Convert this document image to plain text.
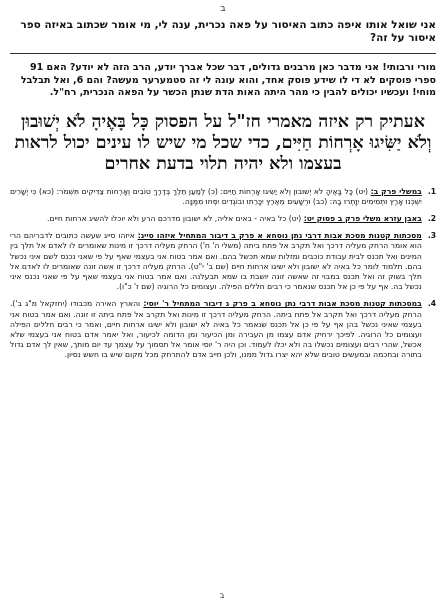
ב

אני שואל אותו איפה כתוב האיסור על פאה נכרית, ענה לי, מי אומר שכתוב באיזה ספר איסור על זה?

מורי ורבותי! אני מדבר כאן מרבנים גדולים, דבר שכל אברך יודע, הרב הזה לא יודע? האם 91 ספרי פוסקים לא די לו שידע פוסק אחד, והוא עונה לי זה סטמערער מעשה? והם 6, ואל תבלבל מוחי! ועכשיו יכולים להבין כי מהר היתה האות הדת שנתן הכשר על הפאה הנכרית, רח"ל.

אעתיק רק איזה מאמרי חז"ל על הפסוק כָּל בָּאֶיהָ לֹא יְשׁוּבוּן וְלֹא יַשִּׂיגוּ אָרְחוֹת חַיִּים, כדי שכל מי שיש לו עינים יכול לראות בעצמו ולא יהיה תלוי בדעת אחרים
1.
במשלי פרק ב: (יט) כָּל בָּאֶיהָ לֹא יְשׁוּבוּן וְלֹא יַשִּׂיגוּ אָרְחוֹת חַיִּים: (כ) לְמַעַן תֵּלֵךְ בְּדֶרֶךְ טוֹבִים וְאָרְחוֹת צַדִּיקִים תִּשְׁמֹר: (כא) כִּי יְשָׁרִים יִשְׁכְּנוּ אָרֶץ וּתְמִימִים יִוָּתְרוּ בָהּ: (כב) וּרְשָׁעִים מֵאֶרֶץ יִכָּרֵתוּ וּבוֹגְדִים יִסְּחוּ מִמֶּנָּה.
2.
באבן עזרא משלי פרק ב פסוק יט: (יט) כל באיה - באים אליה, לא ישובון מדרכם הרע ולא יוכלו להשיג ארחות חיים.
3.
מסכתות קטנות מסכת אבות דרבי נתן נוסחא א פרק ב דיבור המתחיל איזהו סייג: איזהו סייג שעשה כתובים לדבריהם הרי הוא אומר הרחק מעליה דרכך ואל תקרב אל פתח ביתה (משלי ה' ח') הרחק מעליה דרכך זו מינות שאומרים לו לאדם אל תלך בין המינים ואל תכנס לבית עבודת כוכבים ומזלות שמא תכשל בהם. ואם אמר בטוח אני בעצמי שאף על פי שאני נכנס לשם איני נכשל בהם. תלמוד לומר כל באיה לא ישובון ולא ישיגו ארחות חיים (שם ב' י"ט). הרחק מעליה דרכך זו אשה זונה שאומרים לו לאדם אל תלך בשוק זה ואל תכנס במבוי זה שאשה זונה יושבת בו שמא תבעלנה. ואם אמר בטוח אני בעצמי שאף על פי שאני נכנס איני נכשל בה. אף על פי כן אל תכנס שנאמר כי רבים חללים הפילה. ועצומים כל הרוגיה (שם ז' כ"ו).
4.
במסכתות קטנות מסכת אבות דרבי נתן נוסחא ב פרק ג דיבור המתחיל ר' יוסי: והארץ האירה מכבודו (יחזקאל מ"ג ב'). הרחק מעליה דרכך ואל תקרב אל פתח ביתה. הרחק מעליה דרכך זו מינות ואל תקרב אל פתח ביתה זו זונה. ואם אמר בטוח אני בעצמי שאיני נכשל בהן אף על פי כן אל תכנס שנאמר כל באיה לא ישובון ולא ישיגו ארחות חיים, ואמר כי רבים חללים הפילה ועצומים כל הרוגיה. לפיכך ירחיק אדם עצמו מן העבירה ומן הכיעור ומן הדומה לכיעור, ואל יאמר אדם בטוח אני בעצמי שלא אכשל, שהרי רבים ועצומים נכשלו בה ולא יכלו לעמוד. וכן היה ר' יוסי אומר אל תסמוך על עצמך עד יום מותך, שאין לך אדם גדול בתורה ובחכמה ובמעשים טובים שלא יהא יצרו גדול ממנו, ולכן חייב אדם להתרחק מכל מקום שיש בו חשש נסיון.
ב
